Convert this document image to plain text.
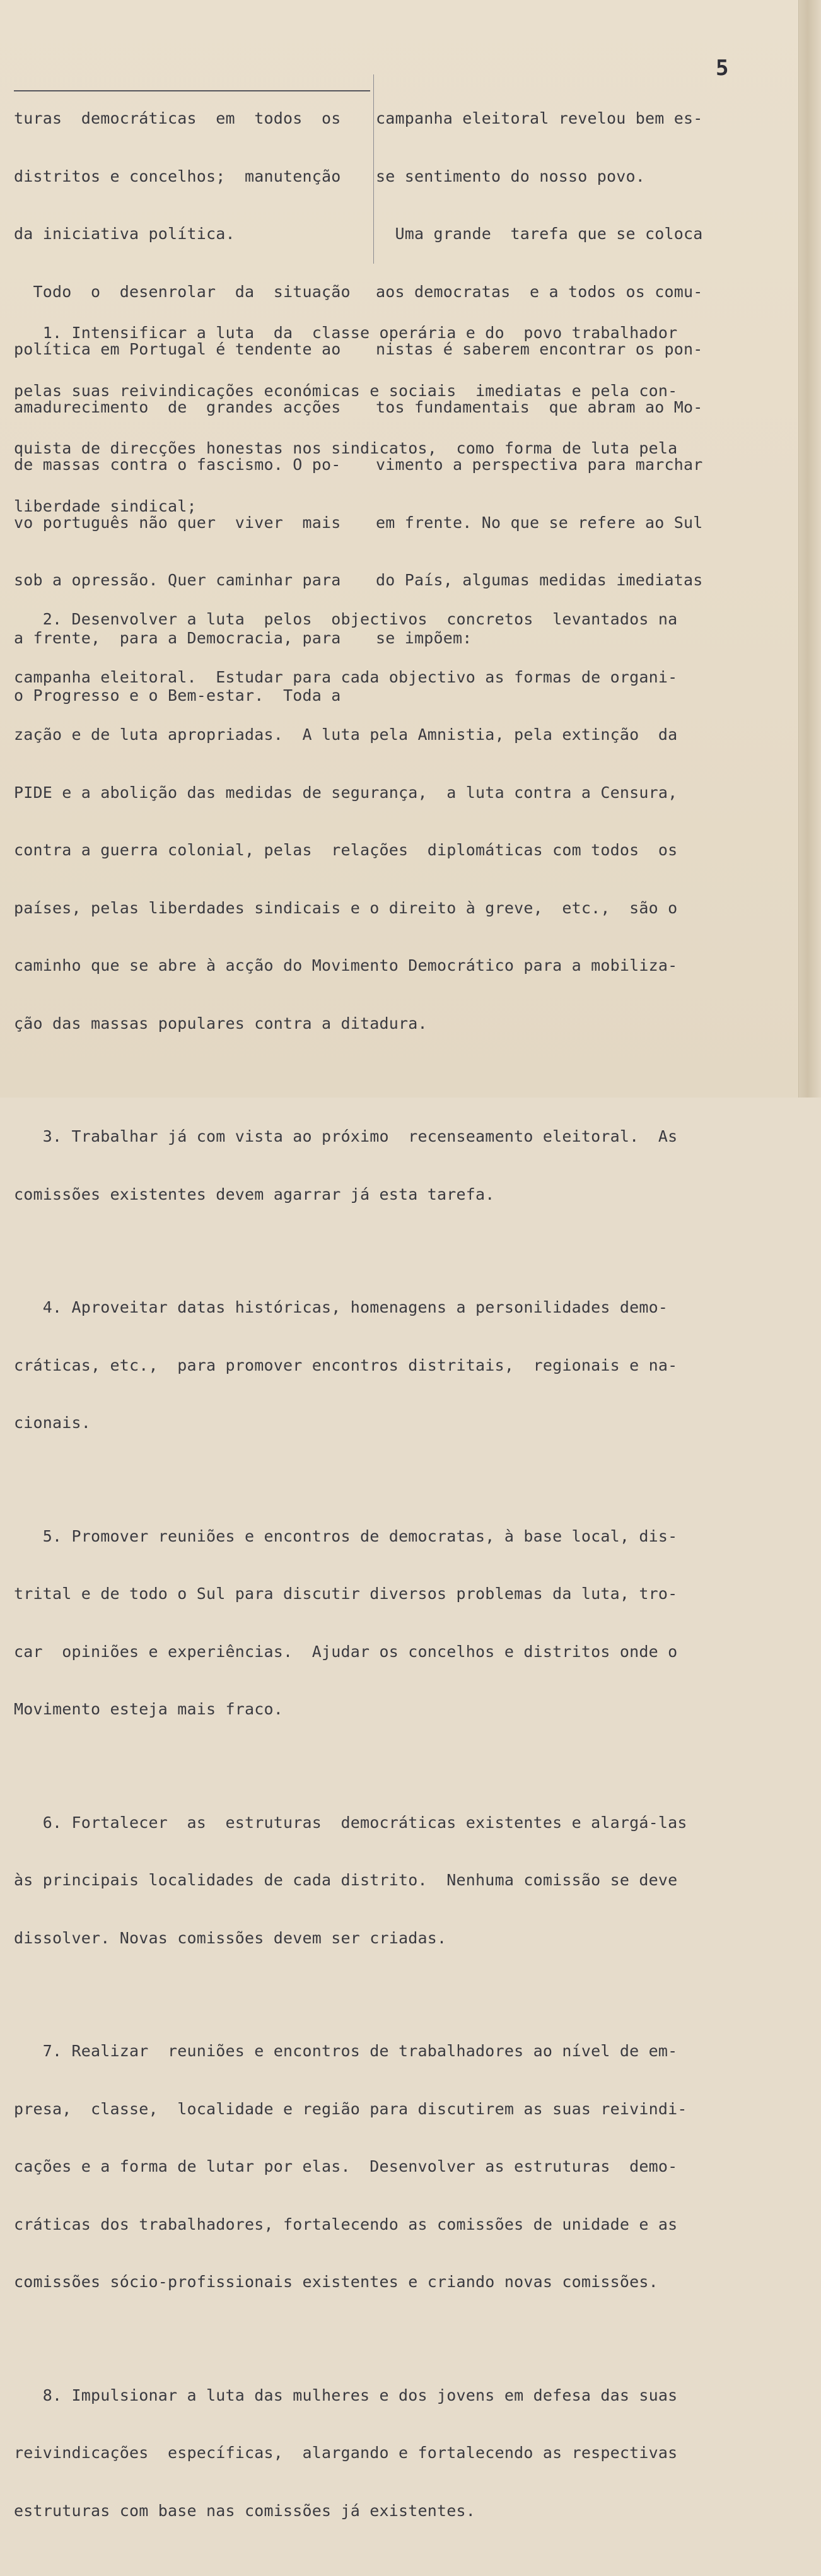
5

turas  democráticas  em  todos  os

distritos e concelhos;  manutenção

da iniciativa política.

Todo  o  desenrolar  da  situação

política em Portugal é tendente ao

amadurecimento  de  grandes acções

de massas contra o fascismo. O po-

vo português não quer  viver  mais

sob a opressão. Quer caminhar para

a frente,  para a Democracia, para

o Progresso e o Bem-estar.  Toda a

campanha eleitoral revelou bem es-

se sentimento do nosso povo.

Uma grande  tarefa que se coloca

aos democratas  e a todos os comu-

nistas é saberem encontrar os pon-

tos fundamentais  que abram ao Mo-

vimento a perspectiva para marchar

em frente. No que se refere ao Sul

do País, algumas medidas imediatas

se impõem:

1. Intensificar a luta  da  classe operária e do  povo trabalhador

pelas suas reivindicações económicas e sociais  imediatas e pela con-

quista de direcções honestas nos sindicatos,  como forma de luta pela

liberdade sindical;

2. Desenvolver a luta  pelos  objectivos  concretos  levantados na

campanha eleitoral.  Estudar para cada objectivo as formas de organi-

zação e de luta apropriadas.  A luta pela Amnistia, pela extinção  da

PIDE e a abolição das medidas de segurança,  a luta contra a Censura,

contra a guerra colonial, pelas  relações  diplomáticas com todos  os

países, pelas liberdades sindicais e o direito à greve,  etc.,  são o

caminho que se abre à acção do Movimento Democrático para a mobiliza-

ção das massas populares contra a ditadura.

3. Trabalhar já com vista ao próximo  recenseamento eleitoral.  As

comissões existentes devem agarrar já esta tarefa.

4. Aproveitar datas históricas, homenagens a personilidades demo-

cráticas, etc.,  para promover encontros distritais,  regionais e na-

cionais.

5. Promover reuniões e encontros de democratas, à base local, dis-

trital e de todo o Sul para discutir diversos problemas da luta, tro-

car  opiniões e experiências.  Ajudar os concelhos e distritos onde o

Movimento esteja mais fraco.

6. Fortalecer  as  estruturas  democráticas existentes e alargá-las

às principais localidades de cada distrito.  Nenhuma comissão se deve

dissolver. Novas comissões devem ser criadas.

7. Realizar  reuniões e encontros de trabalhadores ao nível de em-

presa,  classe,  localidade e região para discutirem as suas reivindi-

cações e a forma de lutar por elas.  Desenvolver as estruturas  demo-

cráticas dos trabalhadores, fortalecendo as comissões de unidade e as

comissões sócio-profissionais existentes e criando novas comissões.

8. Impulsionar a luta das mulheres e dos jovens em defesa das suas

reivindicações  específicas,  alargando e fortalecendo as respectivas

estruturas com base nas comissões já existentes.
